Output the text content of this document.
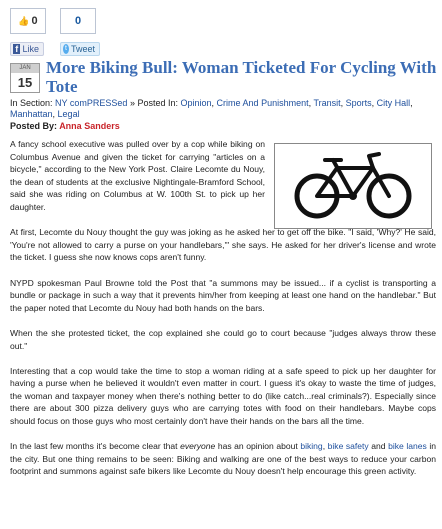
👍 0	0
f Like	t Tweet
JAN
15
More Biking Bull: Woman Ticketed For Cycling With Tote
In Section: NY comPRESSed » Posted In: Opinion, Crime And Punishment, Transit, Sports, City Hall, Manhattan, Legal
Posted By: Anna Sanders

A fancy school executive was pulled over by a cop while biking on Columbus Avenue and given the ticket for carrying "articles on a bicycle," according to the New York Post. Claire Lecomte du Nouy, the dean of students at the exclusive Nightingale-Bramford School, said she was riding on Columbus at W. 100th St. to pick up her daughter.

At first, Lecomte du Nouy thought the guy was joking as he asked her to get off the bike. "I said, 'Why?' He said, 'You're not allowed to carry a purse on your handlebars,'" she says. He asked for her driver's license and wrote the ticket. I guess she now knows cops aren't funny.

NYPD spokesman Paul Browne told the Post that "a summons may be issued... if a cyclist is transporting a bundle or package in such a way that it prevents him/her from keeping at least one hand on the handlebar." But the paper noted that Lecomte du Nouy had both hands on the bars.

When the she protested ticket, the cop explained she could go to court because "judges always throw these out."

Interesting that a cop would take the time to stop a woman riding at a safe speed to pick up her daughter for having a purse when he believed it wouldn't even matter in court. I guess it's okay to waste the time of judges, the woman and taxpayer money when there's nothing better to do (like catch...real criminals?). Especially since there are about 300 pizza delivery guys who are carrying totes with food on their handlebars. Maybe cops should focus on those guys who most certainly don't have their hands on the bars all the time.

In the last few months it's become clear that everyone has an opinion about biking, bike safety and bike lanes in the city. But one thing remains to be seen: Biking and walking are one of the best ways to reduce your carbon footprint and summons against safe bikers like Lecomte du Nouy doesn't help encourage this green activity.
